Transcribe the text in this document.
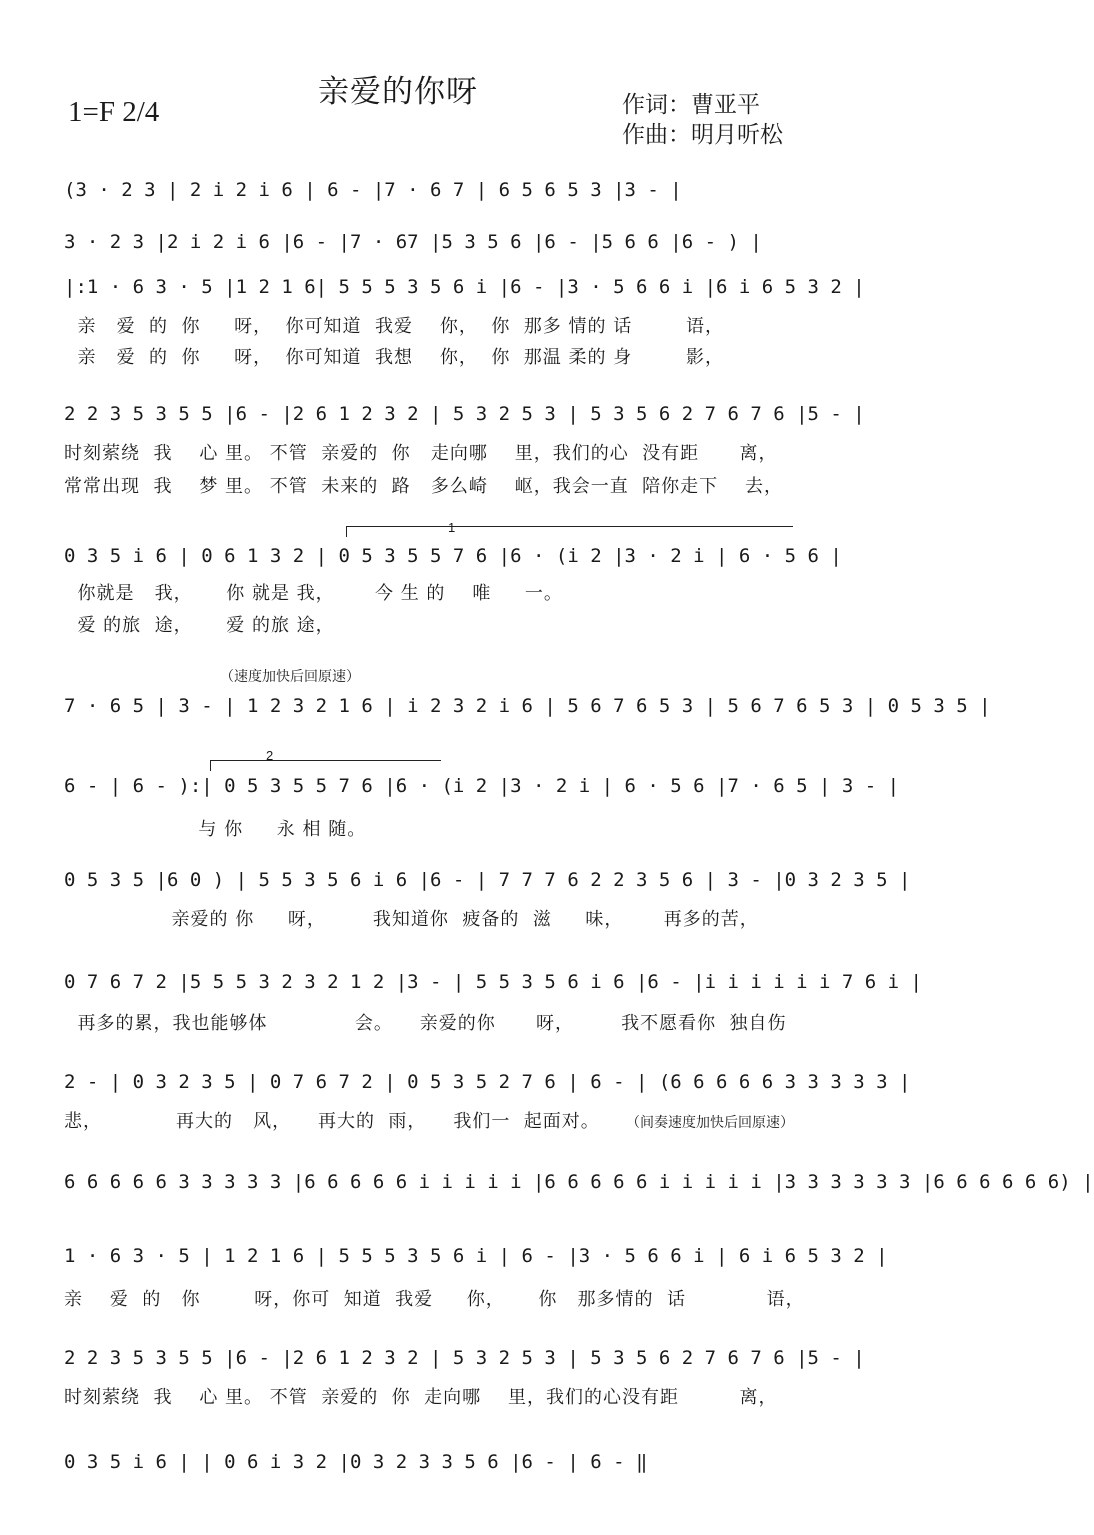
亲爱的你呀
1=F 2/4	作词：曹亚平
作曲：明月听松
(3 · 2 3 | 2 i 2 i 6 | 6 - |7 · 6 7 | 6 5 6 5 3 |3 - |
3 · 2 3 |2 i 2 i 6 |6 - |7 · 67 |5 3 5 6 |6 - |5 6 6 |6 - ) |
|:1 · 6 3 · 5 |1 2 1 6| 5 5 5 3 5 6 i |6 - |3 · 5 6 6 i |6 i 6 5 3 2 |
亲   爱  的  你     呀，  你可知道  我爱    你，  你  那多 情的 话        语，
亲   爱  的  你     呀，  你可知道  我想    你，  你  那温 柔的 身        影，
2 2 3 5 3 5 5 |6 - |2 6 1 2 3 2 | 5 3 2 5 3 | 5 3 5 6 2 7 6 7 6 |5 - |
时刻萦绕  我    心 里。 不管  亲爱的  你   走向哪    里，我们的心  没有距      离，
常常出现  我    梦 里。 不管  未来的  路   多么崎    岖，我会一直  陪你走下    去，
1
0 3 5 i 6 | 0 6 1 3 2 | 0 5 3 5 5 7 6 |6 · (i 2 |3 · 2 i | 6 · 5 6 |
你就是   我，     你 就是 我，      今 生 的    唯     一。
爱 的旅  途，     爱 的旅 途，
（速度加快后回原速）
7 · 6 5 | 3 - | 1 2 3 2 1 6 | i 2 3 2 i 6 | 5 6 7 6 5 3 | 5 6 7 6 5 3 | 0 5 3 5 |
2
6 - | 6 - ):| 0 5 3 5 5 7 6 |6 · (i 2 |3 · 2 i | 6 · 5 6 |7 · 6 5 | 3 - |
与 你     永 相 随。
0 5 3 5 |6 0 ) | 5 5 3 5 6 i 6 |6 - | 7 7 7 6 2 2 3 5 6 | 3 - |0 3 2 3 5 |
亲爱的 你     呀，       我知道你  疲备的  滋     味，      再多的苦，
0 7 6 7 2 |5 5 5 3 2 3 2 1 2 |3 - | 5 5 3 5 6 i 6 |6 - |i i i i i i 7 6 i |
再多的累，我也能够体             会。    亲爱的你      呀，       我不愿看你  独自伤
2 - | 0 3 2 3 5 | 0 7 6 7 2 | 0 5 3 5 2 7 6 | 6 - | (6 6 6 6 6 3 3 3 3 3 |
悲，           再大的   风，    再大的  雨，    我们一  起面对。	（间奏速度加快后回原速）
6 6 6 6 6 3 3 3 3 3 |6 6 6 6 6 i i i i i |6 6 6 6 6 i i i i i |3 3 3 3 3 3 |6 6 6 6 6 6) |
1 · 6 3 · 5 | 1 2 1 6 | 5 5 5 3 5 6 i | 6 - |3 · 5 6 6 i | 6 i 6 5 3 2 |
亲    爱  的   你        呀，你可  知道  我爱     你，     你   那多情的  话            语，
2 2 3 5 3 5 5 |6 - |2 6 1 2 3 2 | 5 3 2 5 3 | 5 3 5 6 2 7 6 7 6 |5 - |
时刻萦绕  我    心 里。 不管  亲爱的  你  走向哪    里，我们的心没有距         离，
0 3 5 i 6 | | 0 6 i 3 2 |0 3 2 3 3 5 6 |6 - | 6 - ‖
